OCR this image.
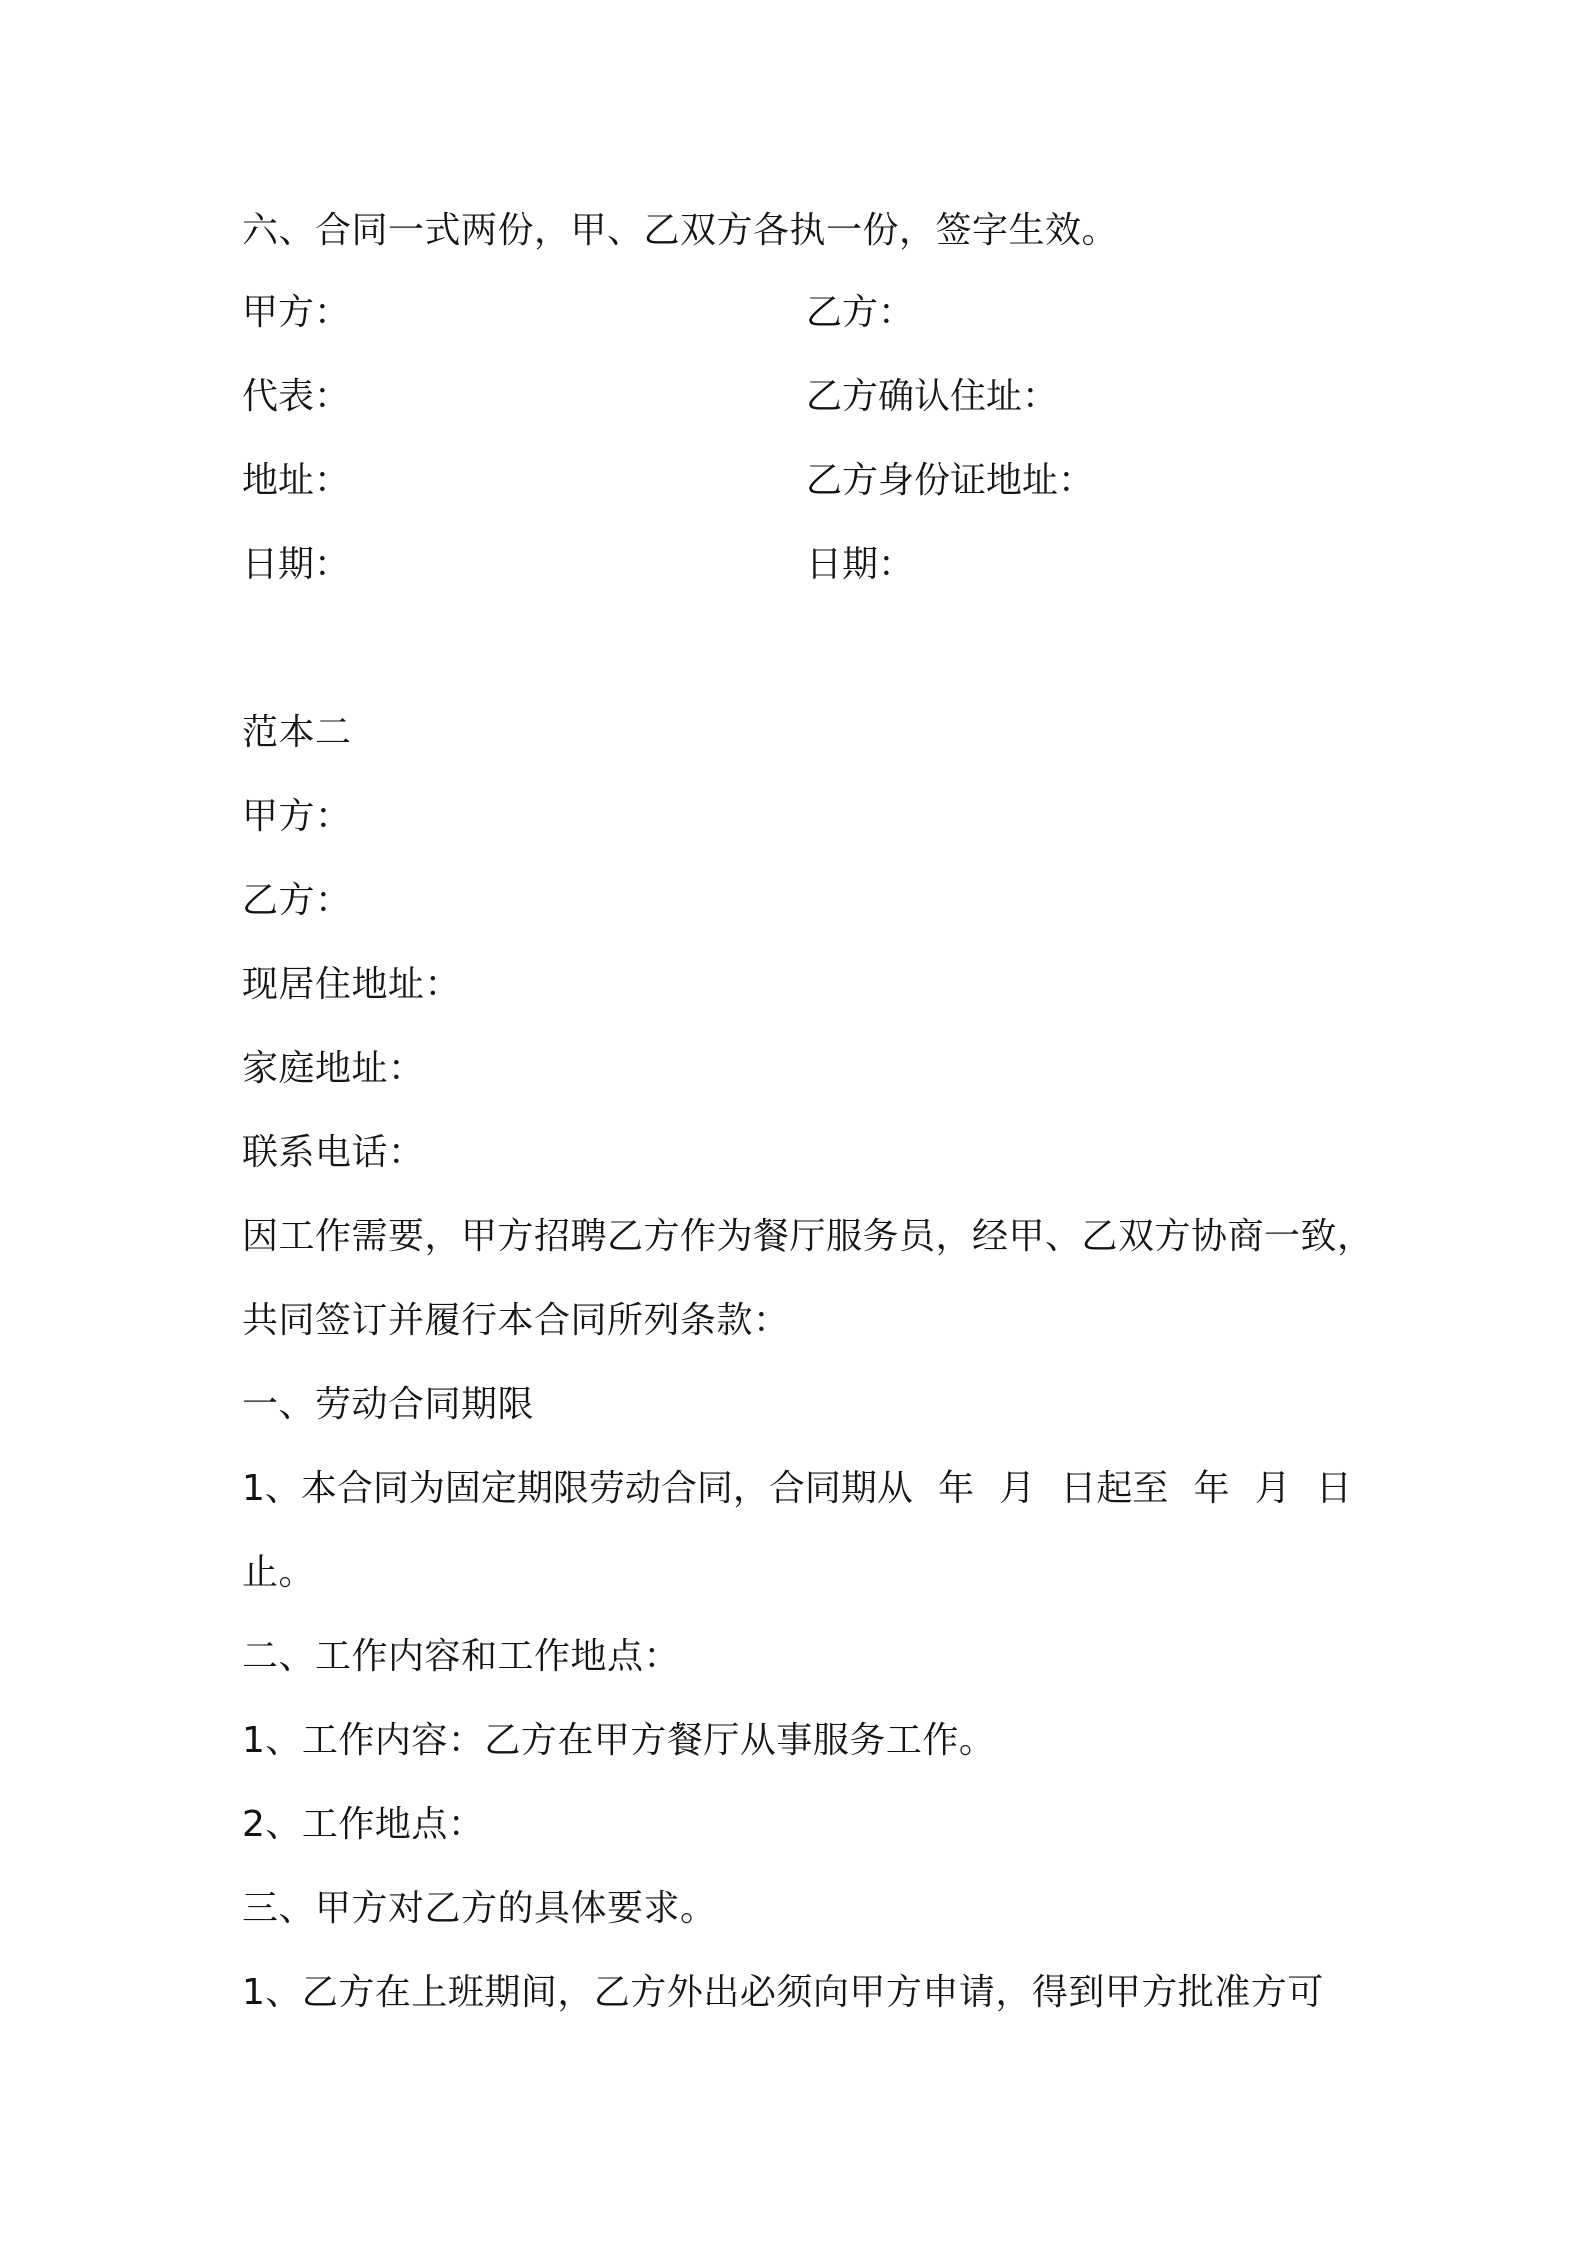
六、合同一式两份，甲、乙双方各执一份，签字生效。
甲方：	乙方：
代表：	乙方确认住址：
地址：	乙方身份证地址：
日期：	日期：
范本二
甲方：
乙方：
现居住地址：
家庭地址：
联系电话：
因工作需要，甲方招聘乙方作为餐厅服务员，经甲、乙双方协商一致，
共同签订并履行本合同所列条款：
一、劳动合同期限
1、本合同为固定期限劳动合同，合同期从 年 月 日起至 年 月 日
止。
二、工作内容和工作地点：
1、工作内容：乙方在甲方餐厅从事服务工作。
2、工作地点：
三、甲方对乙方的具体要求。
1、乙方在上班期间，乙方外出必须向甲方申请，得到甲方批准方可
